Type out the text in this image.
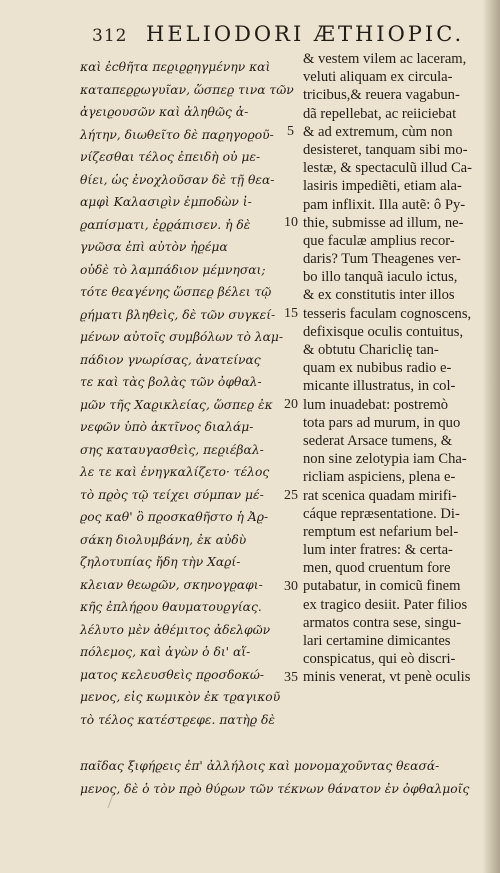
312 HELIODORI ÆTHIOPIC.
καὶ ἐϲθῆτα πεϱιϱϱηγμένην καὶ
καταπεϱϱωγυῖαν, ὥσπεϱ τινα τῶν
ἀγειϱουσῶν καὶ ἀληθῶς ἀ-
λήτην, διωθεῖτο δὲ παϱηγοϱοῦ-
νίζεσθαι τέλος ἐπειδὴ οὐ με-
θίει, ὡς ἐνοχλοῦσαν δὲ τῇ θεα-
αμφὶ Καλασιϱὶν ἐμποδὼν ἰ-
ϱαπίσματι, ἐϱϱάπισεν. ἡ δὲ
γνῶσα ἐπὶ αὐτὸν ἠϱέμα
οὐδὲ τὸ λαμπάδιον μέμνησαι;
τότε θεαγένης ὥσπεϱ βέλει τῷ
ϱήματι βληθεὶς, δὲ τῶν συγκεί-
μένων αὐτοῖς συμβόλων τὸ λαμ-
πάδιον γνωρίσας, ἀνατείνας
τε καὶ τὰς βολὰς τῶν ὀφθαλ-
μῶν τῆς Χαϱικλείας, ὥσπεϱ ἐκ
νεφῶν ὑπὸ ἀκτῖνος διαλάμ-
σης καταυγασθεὶς, πεϱιέβαλ-
λε τε καὶ ἐνηγκαλίζετο· τέλος
τὸ πϱὸς τῷ τείχει σύμπαν μέ-
ϱος καθ' ὃ πϱοσκαθῆστο ἡ Ἀϱ-
σάκη διολυμβάνη, ἐκ αὐδὺ
ζηλοτυπίας ἤδη τὴν Χαϱί-
κλειαν θεωϱῶν, σκηνογϱαφι-
κῆς ἐπλήϱου θαυματουϱγίας.
λέλυτο μὲν ἀθέμιτος ἀδελφῶν
πόλεμος, καὶ ἀγὼν ὁ δι' αἵ-
ματος κελευσθεὶς πϱοσδοκώ-
μενος, εἰς κωμικὸν ἐκ τϱαγικοῦ
τὸ τέλος κατέστϱεφε. πατὴϱ δὲ
& vestem vilem ac laceram,
veluti aliquam ex circula-
tricibus,& reuera vagabun-
dã repellebat, ac reiiciebat
& ad extremum, cùm non
desisteret, tanquam sibi mo-
lestæ, & spectaculũ illud Ca-
lasiris impediẽti, etiam ala-
pam inflixit. Illa autẽ: ô Py-
thie, submisse ad illum, ne-
que faculæ amplius recor-
daris? Tum Theagenes ver-
bo illo tanquã iaculo ictus,
& ex constitutis inter illos
tesseris faculam cognoscens,
defixisque oculis contuitus,
& obtutu Chariclię tan-
quam ex nubibus radio e-
micante illustratus, in col-
lum inuadebat: postremò
tota pars ad murum, in quo
sederat Arsace tumens, &
non sine zelotypia iam Cha-
ricliam aspiciens, plena e-
rat scenica quadam mirifi-
cáque repræsentatione. Di-
remptum est nefarium bel-
lum inter fratres: & certa-
men, quod cruentum fore
putabatur, in comicũ finem
ex tragico desiit. Pater filios
armatos contra sese, singu-
lari certamine dimicantes
conspicatus, qui eò discri-
minis venerat, vt penè oculis
5
10
15
20
25
30
35
παῖδας ξιφήϱεις ἐπ' ἀλλήλοις καὶ μονομαχοῦντας θεασά-
μενος, δὲ ὁ τὸν πϱὸ θύϱων τῶν τέκνων θάνατον ἐν ὀφθαλμοῖς
